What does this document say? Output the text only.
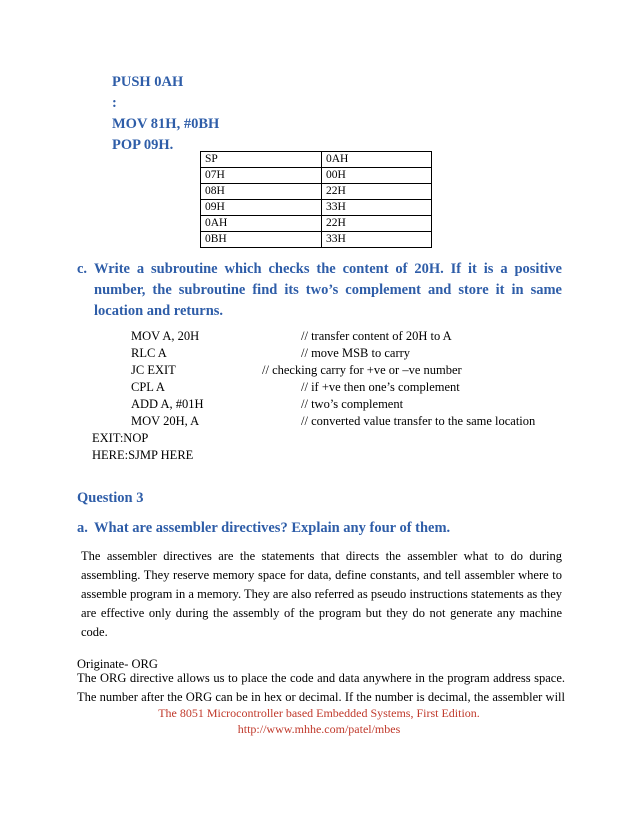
PUSH 0AH
:
MOV 81H, #0BH
POP 09H.
SP	0AH
07H	00H
08H	22H
09H	33H
0AH	22H
0BH	33H
c. Write a subroutine which checks the content of 20H. If it is a positive
number, the subroutine find its two’s complement and store it in same
location and returns.
MOV A, 20H	// transfer content of 20H to A
RLC A	// move MSB to carry
JC EXIT	// checking carry for +ve or –ve number
CPL A	// if +ve then one’s complement
ADD A, #01H	// two’s complement
MOV 20H, A	// converted value transfer to the same location
EXIT:NOP
HERE:SJMP HERE
Question 3
a. What are assembler directives? Explain any four of them.
The assembler directives are the statements that directs the assembler what to do during
assembling. They reserve memory space for data, define constants, and tell assembler where to
assemble program in a memory. They are also referred as pseudo instructions statements as they
are effective only during the assembly of the program but they do not generate any machine
code.
Originate- ORG
The ORG directive allows us to place the code and data anywhere in the program address space.
The number after the ORG can be in hex or decimal. If the number is decimal, the assembler will
The 8051 Microcontroller based Embedded Systems, First Edition.
http://www.mhhe.com/patel/mbes
